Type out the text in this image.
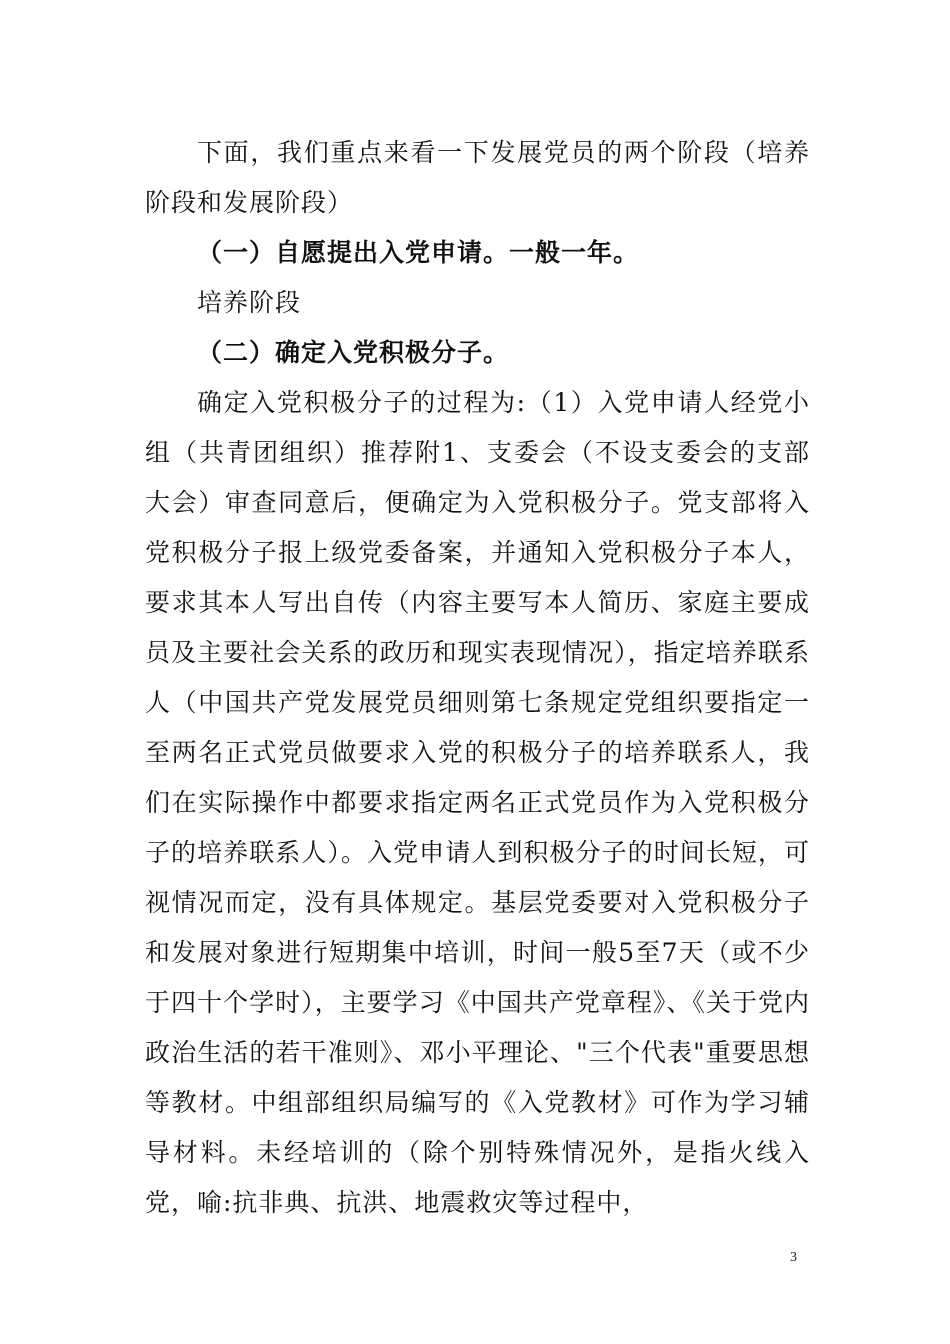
下面，我们重点来看一下发展党员的两个阶段（培养阶段和发展阶段）

（一）自愿提出入党申请。一般一年。

培养阶段

（二）确定入党积极分子。

确定入党积极分子的过程为:（1）入党申请人经党小组（共青团组织）推荐附1、支委会（不设支委会的支部大会）审查同意后，便确定为入党积极分子。党支部将入党积极分子报上级党委备案，并通知入党积极分子本人，要求其本人写出自传（内容主要写本人简历、家庭主要成员及主要社会关系的政历和现实表现情况），指定培养联系人（中国共产党发展党员细则第七条规定党组织要指定一至两名正式党员做要求入党的积极分子的培养联系人，我们在实际操作中都要求指定两名正式党员作为入党积极分子的培养联系人）。入党申请人到积极分子的时间长短，可视情况而定，没有具体规定。基层党委要对入党积极分子和发展对象进行短期集中培训，时间一般5至7天（或不少于四十个学时），主要学习《中国共产党章程》、《关于党内政治生活的若干准则》、邓小平理论、"三个代表"重要思想等教材。中组部组织局编写的《入党教材》可作为学习辅导材料。未经培训的（除个别特殊情况外，是指火线入党，喻:抗非典、抗洪、地震救灾等过程中，

3
